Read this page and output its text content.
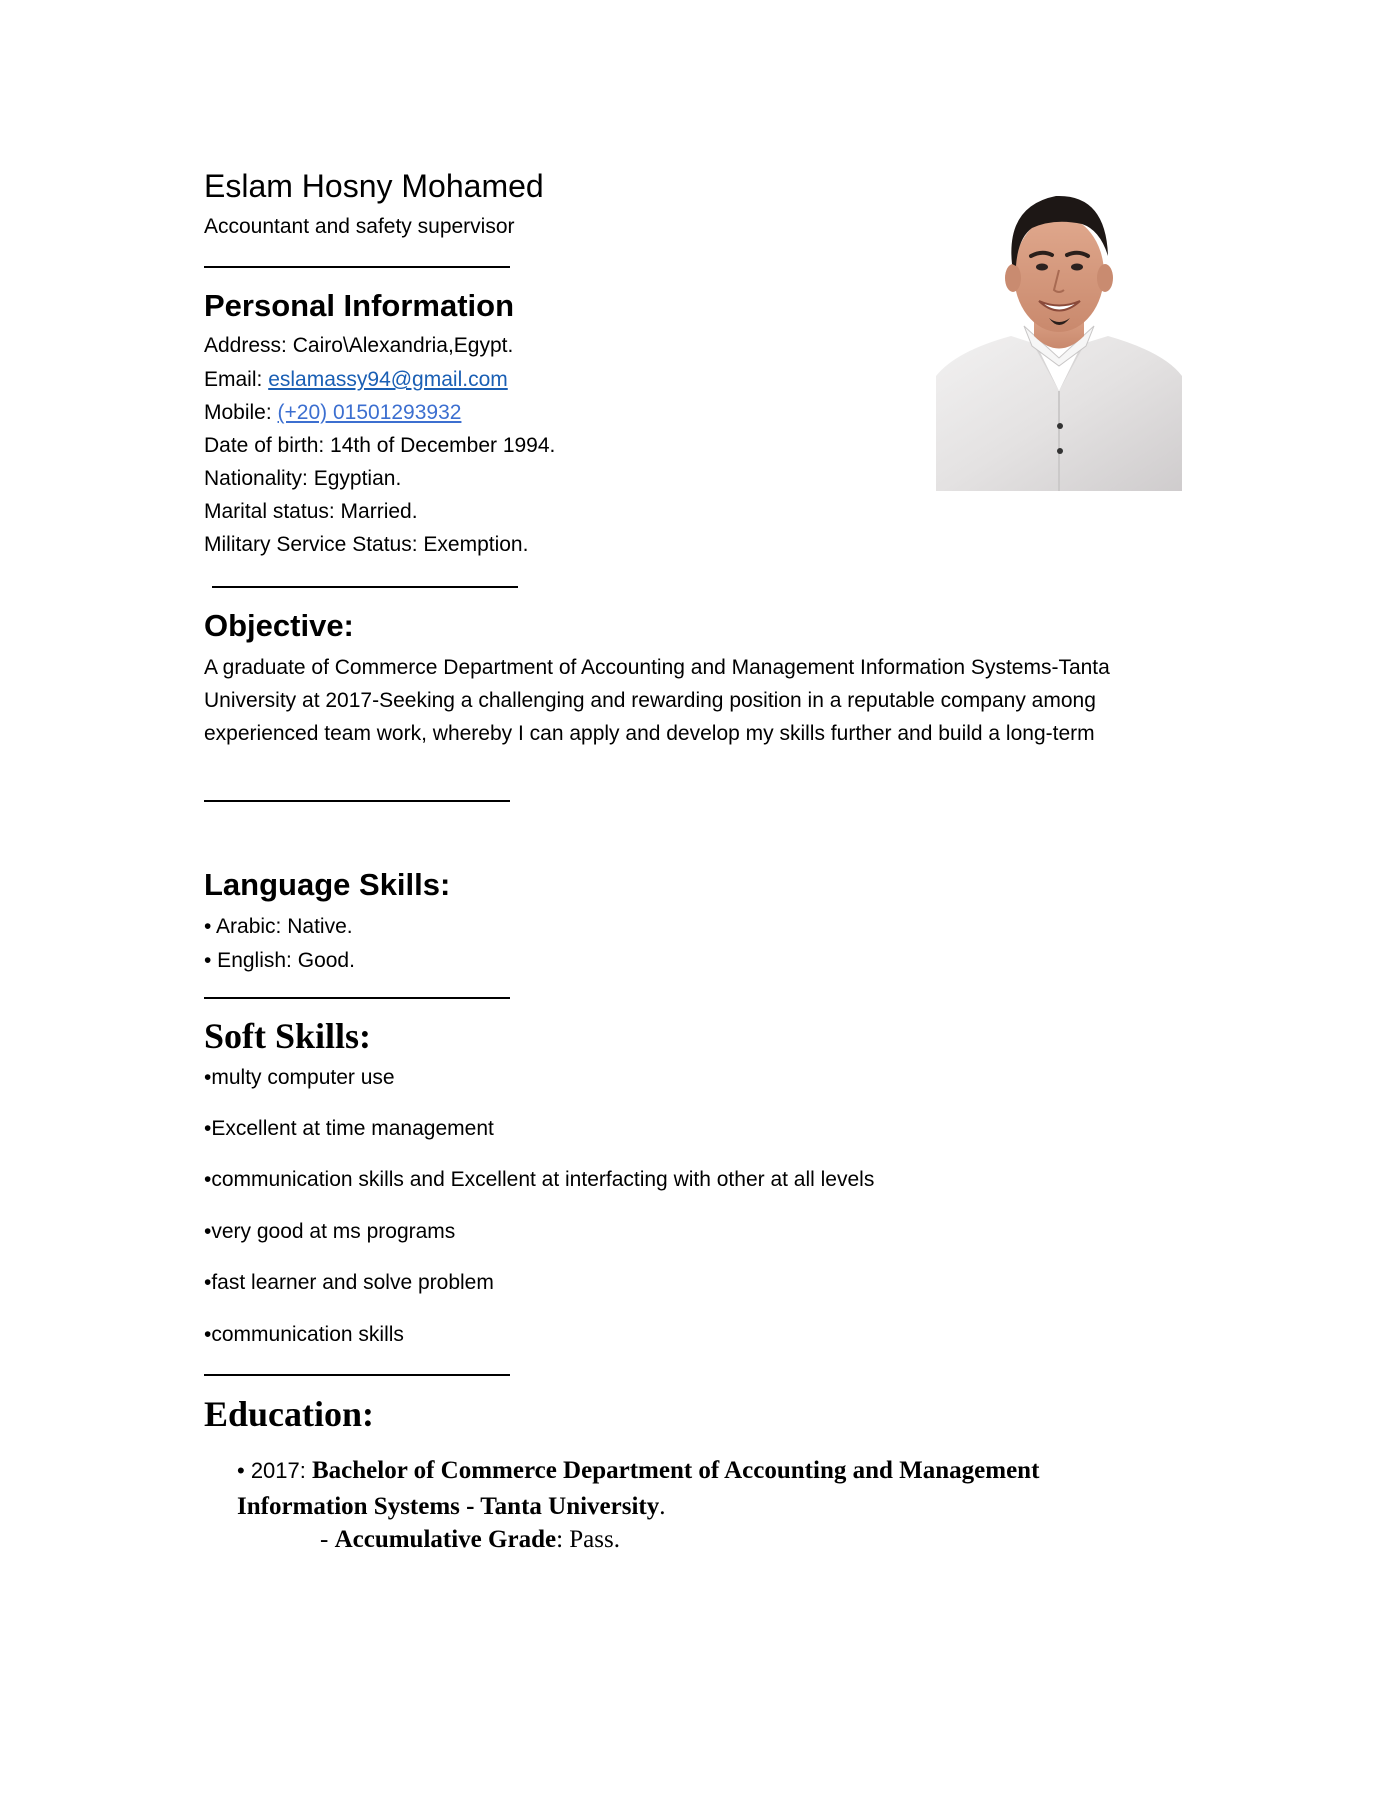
Eslam Hosny Mohamed
Accountant and safety supervisor
Personal Information
Address: Cairo\Alexandria,Egypt.
Email: eslamassy94@gmail.com
Mobile: (+20) 01501293932
Date of birth: 14th of December 1994.
Nationality: Egyptian.
Marital status: Married.
Military Service Status: Exemption.
Objective:
A graduate of Commerce Department of Accounting and Management Information Systems-Tanta University at 2017-Seeking a challenging and rewarding position in a reputable company among experienced team work, whereby I can apply and develop my skills further and build a long-term
Language Skills:
• Arabic: Native.
• English: Good.
Soft Skills:
•multy computer use
•Excellent at time management
•communication skills and Excellent at interfacting with other at all levels
•very good at ms programs
•fast learner and solve problem
•communication skills
Education:
• 2017: Bachelor of Commerce Department of Accounting and Management
Information Systems - Tanta University.
- Accumulative Grade: Pass.
